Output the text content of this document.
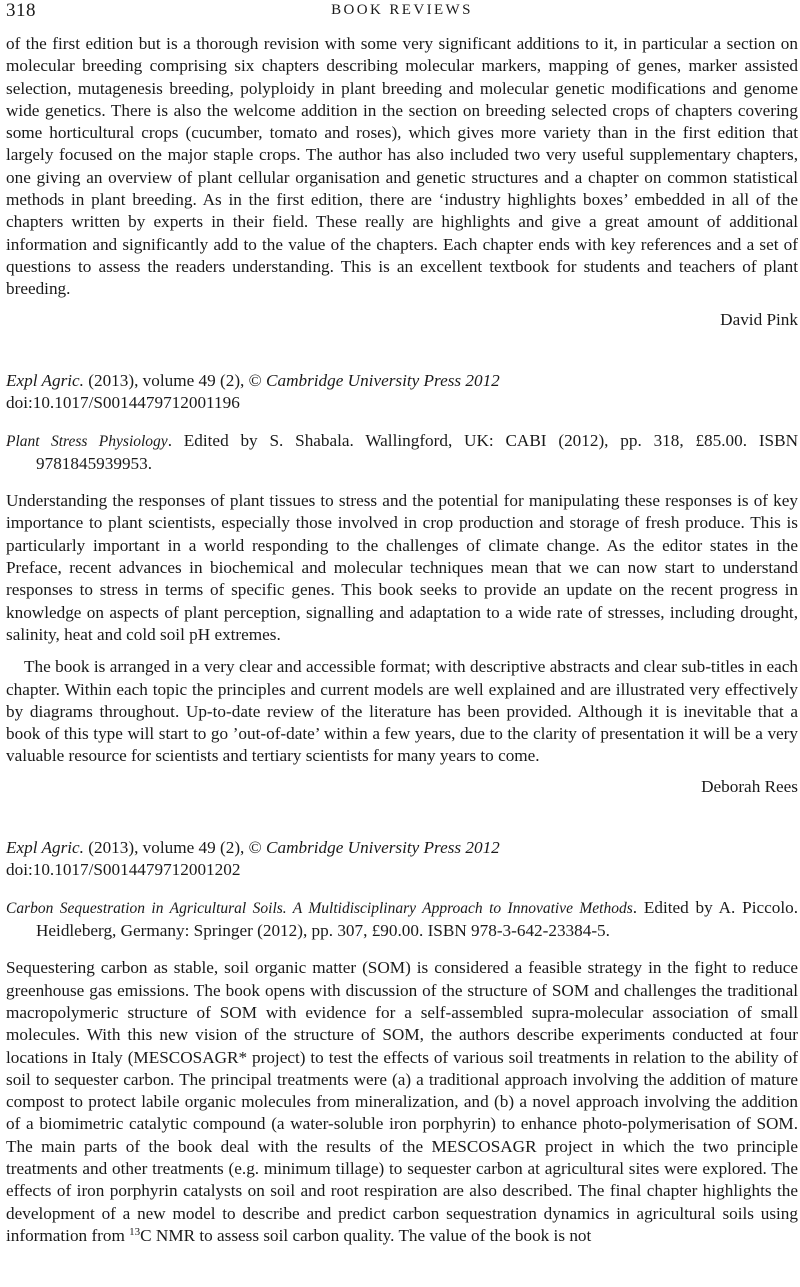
318	BOOK REVIEWS

of the first edition but is a thorough revision with some very significant additions to it, in particular a section on molecular breeding comprising six chapters describing molecular markers, mapping of genes, marker assisted selection, mutagenesis breeding, polyploidy in plant breeding and molecular genetic modifications and genome wide genetics. There is also the welcome addition in the section on breeding selected crops of chapters covering some horticultural crops (cucumber, tomato and roses), which gives more variety than in the first edition that largely focused on the major staple crops. The author has also included two very useful supplementary chapters, one giving an overview of plant cellular organisation and genetic structures and a chapter on common statistical methods in plant breeding. As in the first edition, there are ‘industry highlights boxes’ embedded in all of the chapters written by experts in their field. These really are highlights and give a great amount of additional information and significantly add to the value of the chapters. Each chapter ends with key references and a set of questions to assess the readers understanding. This is an excellent textbook for students and teachers of plant breeding.

David Pink

Expl Agric. (2013), volume 49 (2), © Cambridge University Press 2012

doi:10.1017/S0014479712001196

Plant Stress Physiology. Edited by S. Shabala. Wallingford, UK: CABI (2012), pp. 318, £85.00. ISBN 9781845939953.

Understanding the responses of plant tissues to stress and the potential for manipulating these responses is of key importance to plant scientists, especially those involved in crop production and storage of fresh produce. This is particularly important in a world responding to the challenges of climate change. As the editor states in the Preface, recent advances in biochemical and molecular techniques mean that we can now start to understand responses to stress in terms of specific genes. This book seeks to provide an update on the recent progress in knowledge on aspects of plant perception, signalling and adaptation to a wide rate of stresses, including drought, salinity, heat and cold soil pH extremes.

The book is arranged in a very clear and accessible format; with descriptive abstracts and clear sub-titles in each chapter. Within each topic the principles and current models are well explained and are illustrated very effectively by diagrams throughout. Up-to-date review of the literature has been provided. Although it is inevitable that a book of this type will start to go ’out-of-date’ within a few years, due to the clarity of presentation it will be a very valuable resource for scientists and tertiary scientists for many years to come.

Deborah Rees

Expl Agric. (2013), volume 49 (2), © Cambridge University Press 2012

doi:10.1017/S0014479712001202

Carbon Sequestration in Agricultural Soils. A Multidisciplinary Approach to Innovative Methods. Edited by A. Piccolo. Heidleberg, Germany: Springer (2012), pp. 307, £90.00. ISBN 978-3-642-23384-5.

Sequestering carbon as stable, soil organic matter (SOM) is considered a feasible strategy in the fight to reduce greenhouse gas emissions. The book opens with discussion of the structure of SOM and challenges the traditional macropolymeric structure of SOM with evidence for a self-assembled supra-molecular association of small molecules. With this new vision of the structure of SOM, the authors describe experiments conducted at four locations in Italy (MESCOSAGR* project) to test the effects of various soil treatments in relation to the ability of soil to sequester carbon. The principal treatments were (a) a traditional approach involving the addition of mature compost to protect labile organic molecules from mineralization, and (b) a novel approach involving the addition of a biomimetric catalytic compound (a water-soluble iron porphyrin) to enhance photo-polymerisation of SOM. The main parts of the book deal with the results of the MESCOSAGR project in which the two principle treatments and other treatments (e.g. minimum tillage) to sequester carbon at agricultural sites were explored. The effects of iron porphyrin catalysts on soil and root respiration are also described. The final chapter highlights the development of a new model to describe and predict carbon sequestration dynamics in agricultural soils using information from $^{13}$C NMR to assess soil carbon quality. The value of the book is not
